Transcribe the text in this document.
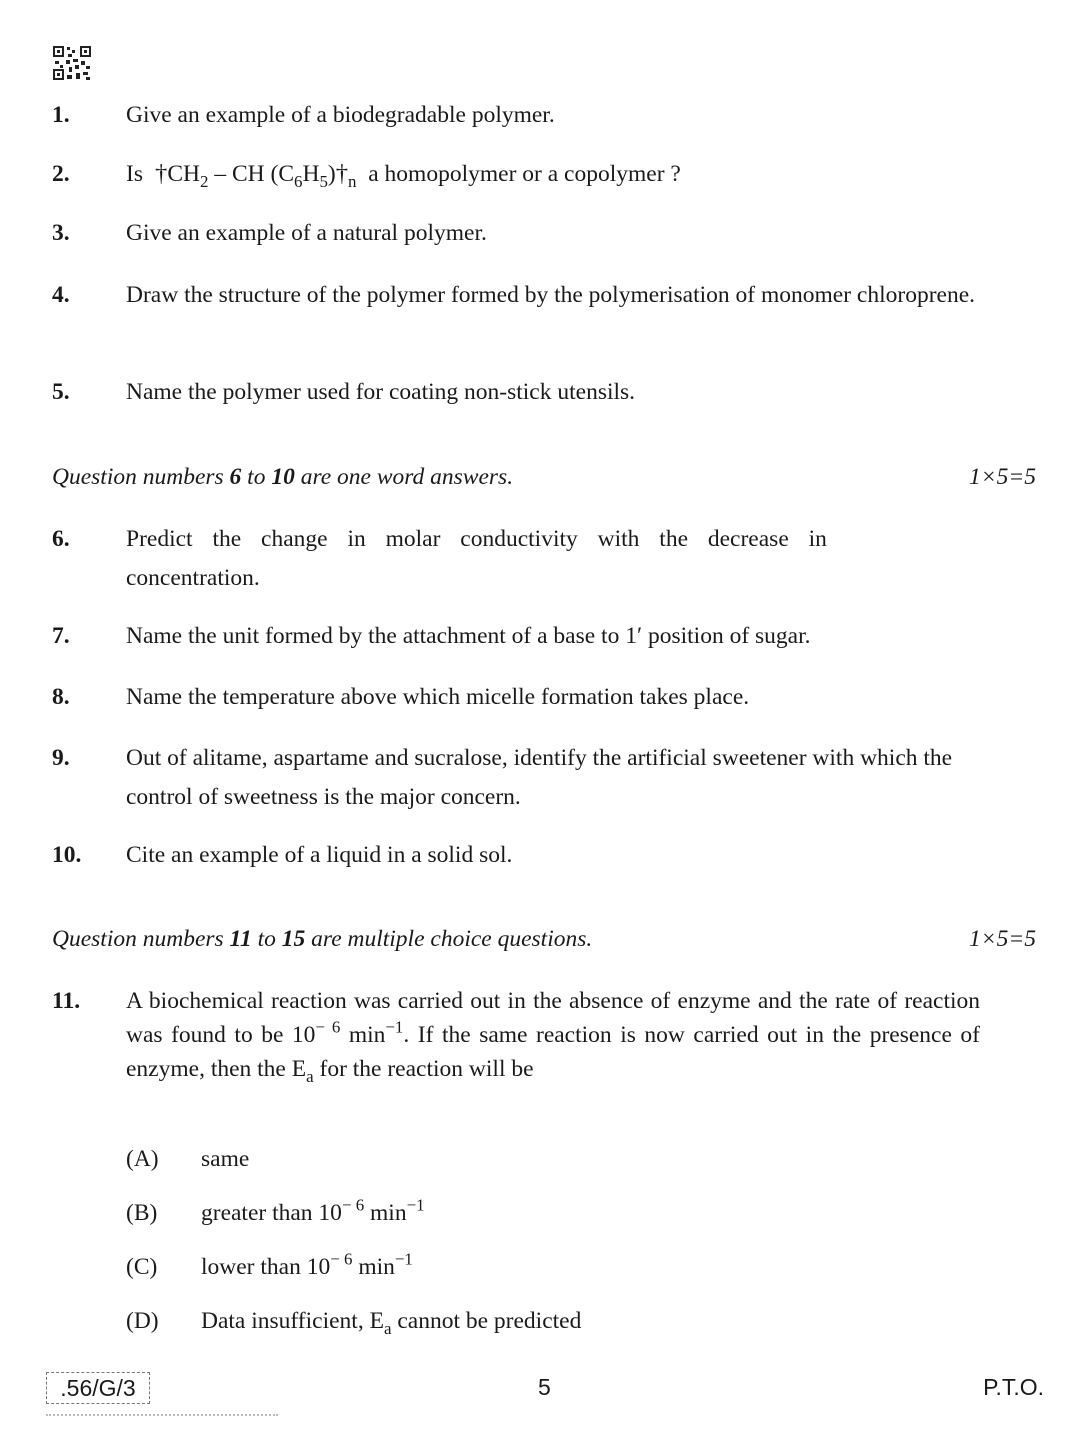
1. Give an example of a biodegradable polymer.
2. Is  $\dagger CH_2$ – CH $(C_6H_5)\dagger_n$ a homopolymer or a copolymer ?
3. Give an example of a natural polymer.
4. Draw the structure of the polymer formed by the polymerisation of monomer chloroprene.
5. Name the polymer used for coating non-stick utensils.
Question numbers 6 to 10 are one word answers.	1×5=5
6. Predict the change in molar conductivity with the decrease in concentration.
7. Name the unit formed by the attachment of a base to 1′ position of sugar.
8. Name the temperature above which micelle formation takes place.
9. Out of alitame, aspartame and sucralose, identify the artificial sweetener with which the control of sweetness is the major concern.
10. Cite an example of a liquid in a solid sol.
Question numbers 11 to 15 are multiple choice questions.	1×5=5
11. A biochemical reaction was carried out in the absence of enzyme and the rate of reaction was found to be $10^{- 6}$ $\min^{-1}$. If the same reaction is now carried out in the presence of enzyme, then the $E_a$ for the reaction will be
(A) same
(B) greater than $10^{- 6}$ $\min^{-1}$
(C) lower than $10^{- 6}$ $\min^{-1}$
(D) Data insufficient, $E_a$ cannot be predicted
.56/G/3	5	P.T.O.
